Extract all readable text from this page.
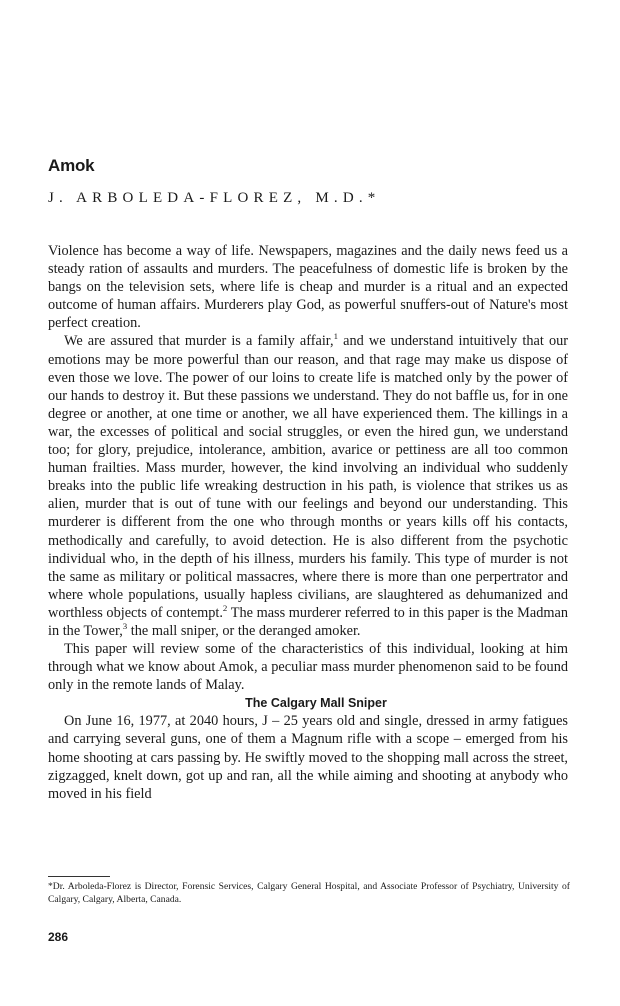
Amok
J. ARBOLEDA-FLOREZ, M.D.*

Violence has become a way of life. Newspapers, magazines and the daily news feed us a steady ration of assaults and murders. The peacefulness of domestic life is broken by the bangs on the television sets, where life is cheap and murder is a ritual and an expected outcome of human affairs. Murderers play God, as powerful snuffers-out of Nature's most perfect creation.

We are assured that murder is a family affair,$^1$ and we understand intuitively that our emotions may be more powerful than our reason, and that rage may make us dispose of even those we love. The power of our loins to create life is matched only by the power of our hands to destroy it. But these passions we understand. They do not baffle us, for in one degree or another, at one time or another, we all have experienced them. The killings in a war, the excesses of political and social struggles, or even the hired gun, we understand too; for glory, prejudice, intolerance, ambition, avarice or pettiness are all too common human frailties. Mass murder, however, the kind involving an individual who suddenly breaks into the public life wreaking destruction in his path, is violence that strikes us as alien, murder that is out of tune with our feelings and beyond our understanding. This murderer is different from the one who through months or years kills off his contacts, methodically and carefully, to avoid detection. He is also different from the psychotic individual who, in the depth of his illness, murders his family. This type of murder is not the same as military or political massacres, where there is more than one perpertrator and where whole populations, usually hapless civilians, are slaughtered as dehumanized and worthless objects of contempt.$^2$ The mass murderer referred to in this paper is the Madman in the Tower,$^3$ the mall sniper, or the deranged amoker.

This paper will review some of the characteristics of this individual, looking at him through what we know about Amok, a peculiar mass murder phenomenon said to be found only in the remote lands of Malay.

The Calgary Mall Sniper

On June 16, 1977, at 2040 hours, J – 25 years old and single, dressed in army fatigues and carrying several guns, one of them a Magnum rifle with a scope – emerged from his home shooting at cars passing by. He swiftly moved to the shopping mall across the street, zigzagged, knelt down, got up and ran, all the while aiming and shooting at anybody who moved in his field

*Dr. Arboleda-Florez is Director, Forensic Services, Calgary General Hospital, and Associate Professor of Psychiatry, University of Calgary, Calgary, Alberta, Canada.

286
